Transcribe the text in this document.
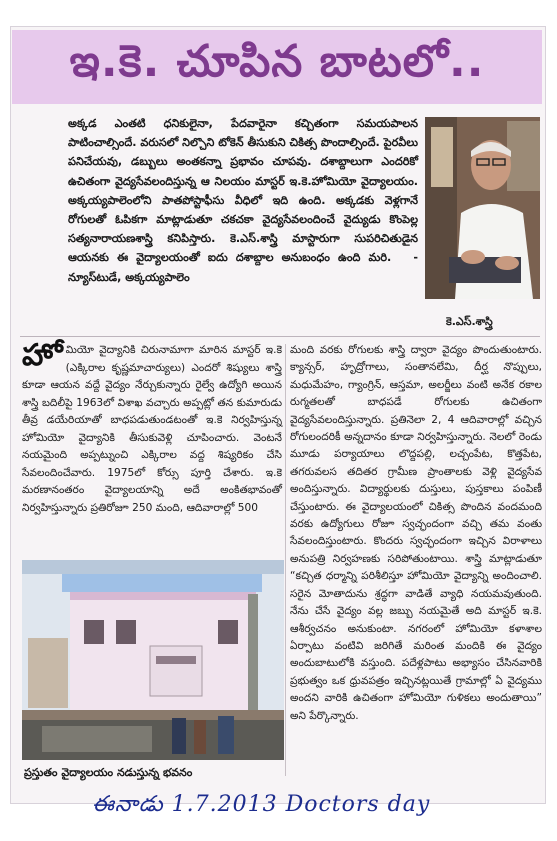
ఇ.కె. చూపిన బాటలో..
అక్కడ ఎంతటి ధనికులైనా, పేదవారైనా కచ్చితంగా సమయపాలన పాటించాల్సిందే. వరుసలో నిల్చొని టోకెన్ తీసుకుని చికిత్స పొందాల్సిందే. పైరవీలు పనిచేయవు, డబ్బులు అంతకన్నా ప్రభావం చూపవు. దశాబ్దాలుగా ఎందరికో ఉచితంగా వైద్యసేవలందిస్తున్న ఆ నిలయం మాస్టర్ ఇ.కె.హోమియో వైద్యాలయం. అక్కయ్యపాలెంలోని పాతపోస్టాఫీసు వీధిలో ఇది ఉంది. అక్కడకు వెళ్లగానే రోగులతో ఓపికగా మాట్లాడుతూ చకచకా వైద్యసేవలందించే వైద్యుడు కొంపెల్ల సత్యనారాయణశాస్త్రి కనిపిస్తారు. కె.ఎస్.శాస్త్రి మాస్టారుగా సుపరిచితుడైన ఆయనకు ఈ వైద్యాలయంతో ఐదు దశాబ్దాల అనుబంధం ఉంది మరి. - న్యూస్‌టుడే, అక్కయ్యపాలెం
కె.ఎస్.శాస్త్రి
హో మియో వైద్యానికి చిరునామాగా మారిన మాస్టర్ ఇ.కె (ఎక్కిరాల కృష్ణమాచార్యులు) ఎందరో శిష్యులు శాస్త్రి కూడా ఆయన వద్దే వైద్యం నేర్చుకున్నారు రైల్వే ఉద్యోగి అయిన శాస్త్రి బదిలీపై 1963లో విశాఖ వచ్చారు అప్పట్లో తన కుమారుడు తీవ్ర డయేరియాతో బాధపడుతుండటంతో ఇ.కె నిర్వహిస్తున్న హోమియో వైద్యానికి తీసుకువెళ్లి చూపించారు. వెంటనే నయమైంది అప్పట్నుంచి ఎక్కిరాల వద్ద శిష్యరికం చేసి సేవలందించేవారు. 1975లో కోర్సు పూర్తి చేశారు. ఇ.కె మరణానంతరం వైద్యాలయాన్ని అదే అంకితభావంతో నిర్వహిస్తున్నారు ప్రతిరోజూ 250 మంది, ఆదివారాల్లో 500
మంది వరకు రోగులకు శాస్త్రి ద్వారా వైద్యం పొందుతుంటారు. క్యాన్సర్, హృద్రోగాలు, సంతానలేమి, దీర్ఘ నొప్పులు, మధుమేహం, గ్యాంగ్రిన్, ఆస్తమా, అలర్జీలు వంటి అనేక రకాల రుగ్మతలతో బాధపడే రోగులకు ఉచితంగా వైద్యసేవలందిస్తున్నారు. ప్రతినెలా 2, 4 ఆదివారాల్లో వచ్చిన రోగులందరికీ అన్నదానం కూడా నిర్వహిస్తున్నారు. నెలలో రెండు మూడు పర్యాయాలు లొద్దపల్లి, లచ్చంపేట, కొత్తపేట, తగరువలస తదితర గ్రామీణ ప్రాంతాలకు వెళ్లి వైద్యసేవ అందిస్తున్నారు. విద్యార్థులకు దుస్తులు, పుస్తకాలు పంపిణీ చేస్తుంటారు. ఈ వైద్యాలయంలో చికిత్స పొందిన వందమంది వరకు ఉద్యోగులు రోజూ స్వచ్ఛందంగా వచ్చి తమ వంతు సేవలందిస్తుంటారు. కొందరు స్వచ్ఛందంగా ఇచ్చిన విరాళాలు అనుపత్రి నిర్వహణకు సరిపోతుంటాయి. శాస్త్రి మాట్లాడుతూ “కచ్చిత ధర్మాన్ని పరిశీలిస్తూ హోమియో వైద్యాన్ని అందించాలి. సరైన మోతాదును శ్రద్ధగా వాడితే వ్యాధి నయమవుతుంది. నేను చేసే వైద్యం వల్ల జబ్బు నయమైతే అది మాస్టర్ ఇ.కె. ఆశీర్వచనం అనుకుంటా. నగరంలో హోమియో కళాశాల ఏర్పాటు వంటివి జరిగితే మరింత మందికి ఈ వైద్యం అందుబాటులోకి వస్తుంది. పదేళ్లపాటు అభ్యాసం చేసినవారికి ప్రభుత్వం ఒక ధ్రువపత్రం ఇచ్చినట్లయితే గ్రామాల్లో ఏ వైద్యము అందని వారికి ఉచితంగా హోమియో గుళికలు అందుతాయి” అని పేర్కొన్నారు.
ప్రస్తుతం వైద్యాలయం నడుస్తున్న భవనం
ఈనాడు 1.7.2013 Doctors day
